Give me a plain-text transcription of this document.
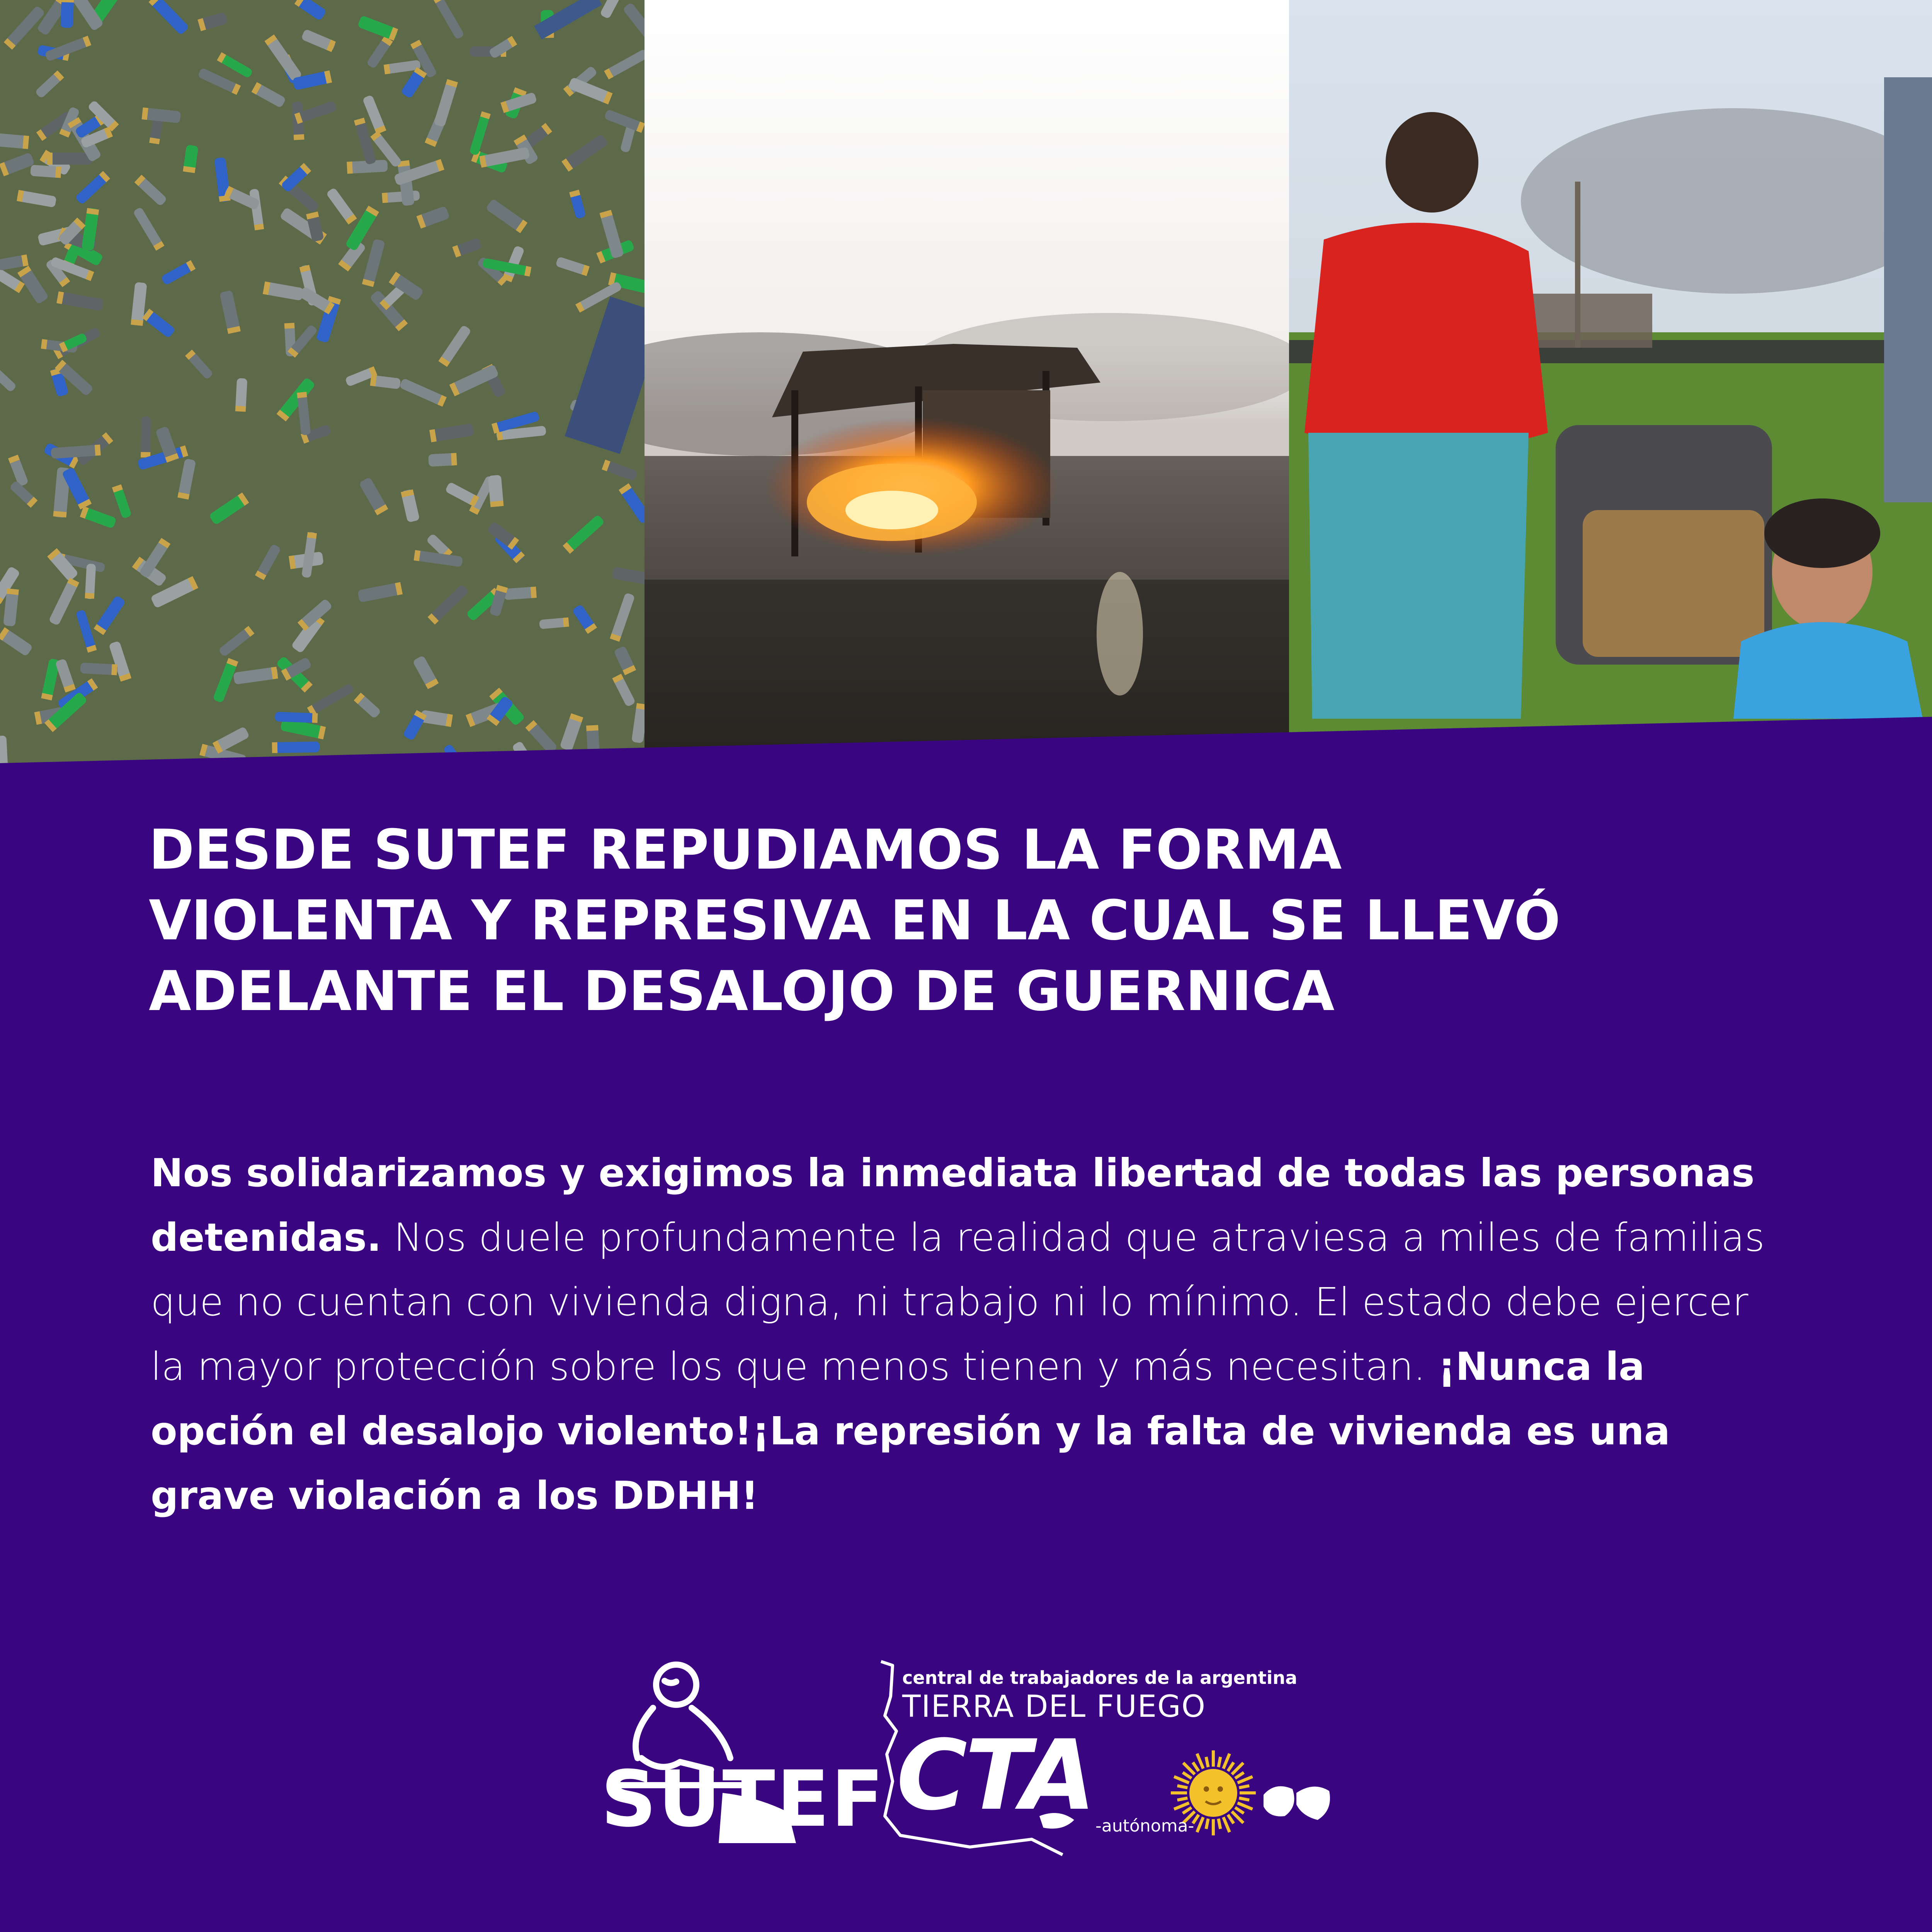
DESDE SUTEF REPUDIAMOS LA FORMA
VIOLENTA Y REPRESIVA EN LA CUAL SE LLEVÓ
ADELANTE EL DESALOJO DE GUERNICA

Nos solidarizamos y exigimos la inmediata libertad de todas las personas detenidas. Nos duele profundamente la realidad que atraviesa a miles de familias que no cuentan con vivienda digna, ni trabajo ni lo mínimo. El estado debe ejercer la mayor protección sobre los que menos tienen y más necesitan. ¡Nunca la opción el desalojo violento!¡La represión y la falta de vivienda es una grave violación a los DDHH!

SUTEF
central de trabajadores de la argentina
TIERRA DEL FUEGO
CTA -autónoma-
